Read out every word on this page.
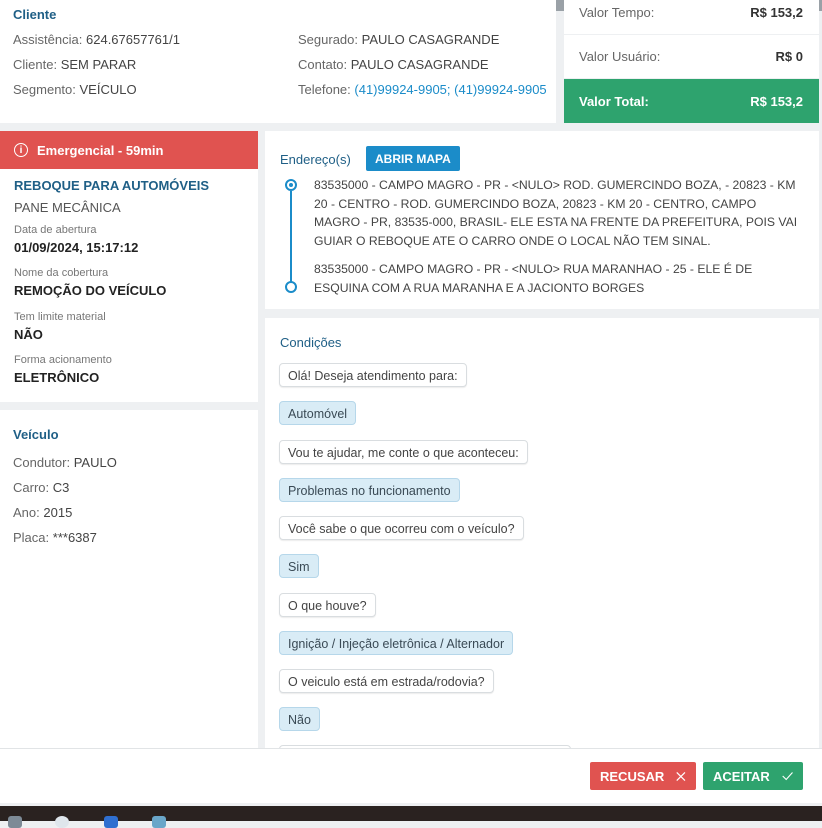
Cliente
Assistência: 624.67657761/1
Cliente: SEM PARAR
Segmento: VEÍCULO
Segurado: PAULO CASAGRANDE
Contato: PAULO CASAGRANDE
Telefone: (41)99924-9905; (41)99924-9905
Valor Tempo:	R$ 153,2
Valor Usuário:	R$ 0
Valor Total:	R$ 153,2
i	Emergencial - 59min
REBOQUE PARA AUTOMÓVEIS
PANE MECÂNICA
Data de abertura
01/09/2024, 15:17:12
Nome da cobertura
REMOÇÃO DO VEÍCULO
Tem limite material
NÃO
Forma acionamento
ELETRÔNICO
Veículo
Condutor: PAULO
Carro: C3
Ano: 2015
Placa: ***6387
Endereço(s)	ABRIR MAPA
83535000 - CAMPO MAGRO - PR - <NULO> ROD. GUMERCINDO BOZA, - 20823 - KM 20 - CENTRO - ROD. GUMERCINDO BOZA, 20823 - KM 20 - CENTRO, CAMPO MAGRO - PR, 83535-000, BRASIL- ELE ESTA NA FRENTE DA PREFEITURA, POIS VAI GUIAR O REBOQUE ATE O CARRO ONDE O LOCAL NÃO TEM SINAL.
83535000 - CAMPO MAGRO - PR - <NULO> RUA MARANHAO - 25 - ELE É DE ESQUINA COM A RUA MARANHA E A JACIONTO BORGES
Condições
Olá! Deseja atendimento para:
Automóvel
Vou te ajudar, me conte o que aconteceu:
Problemas no funcionamento
Você sabe o que ocorreu com o veículo?
Sim
O que houve?
Ignição / Injeção eletrônica / Alternador
O veiculo está em estrada/rodovia?
Não
RECUSAR	ACEITAR
